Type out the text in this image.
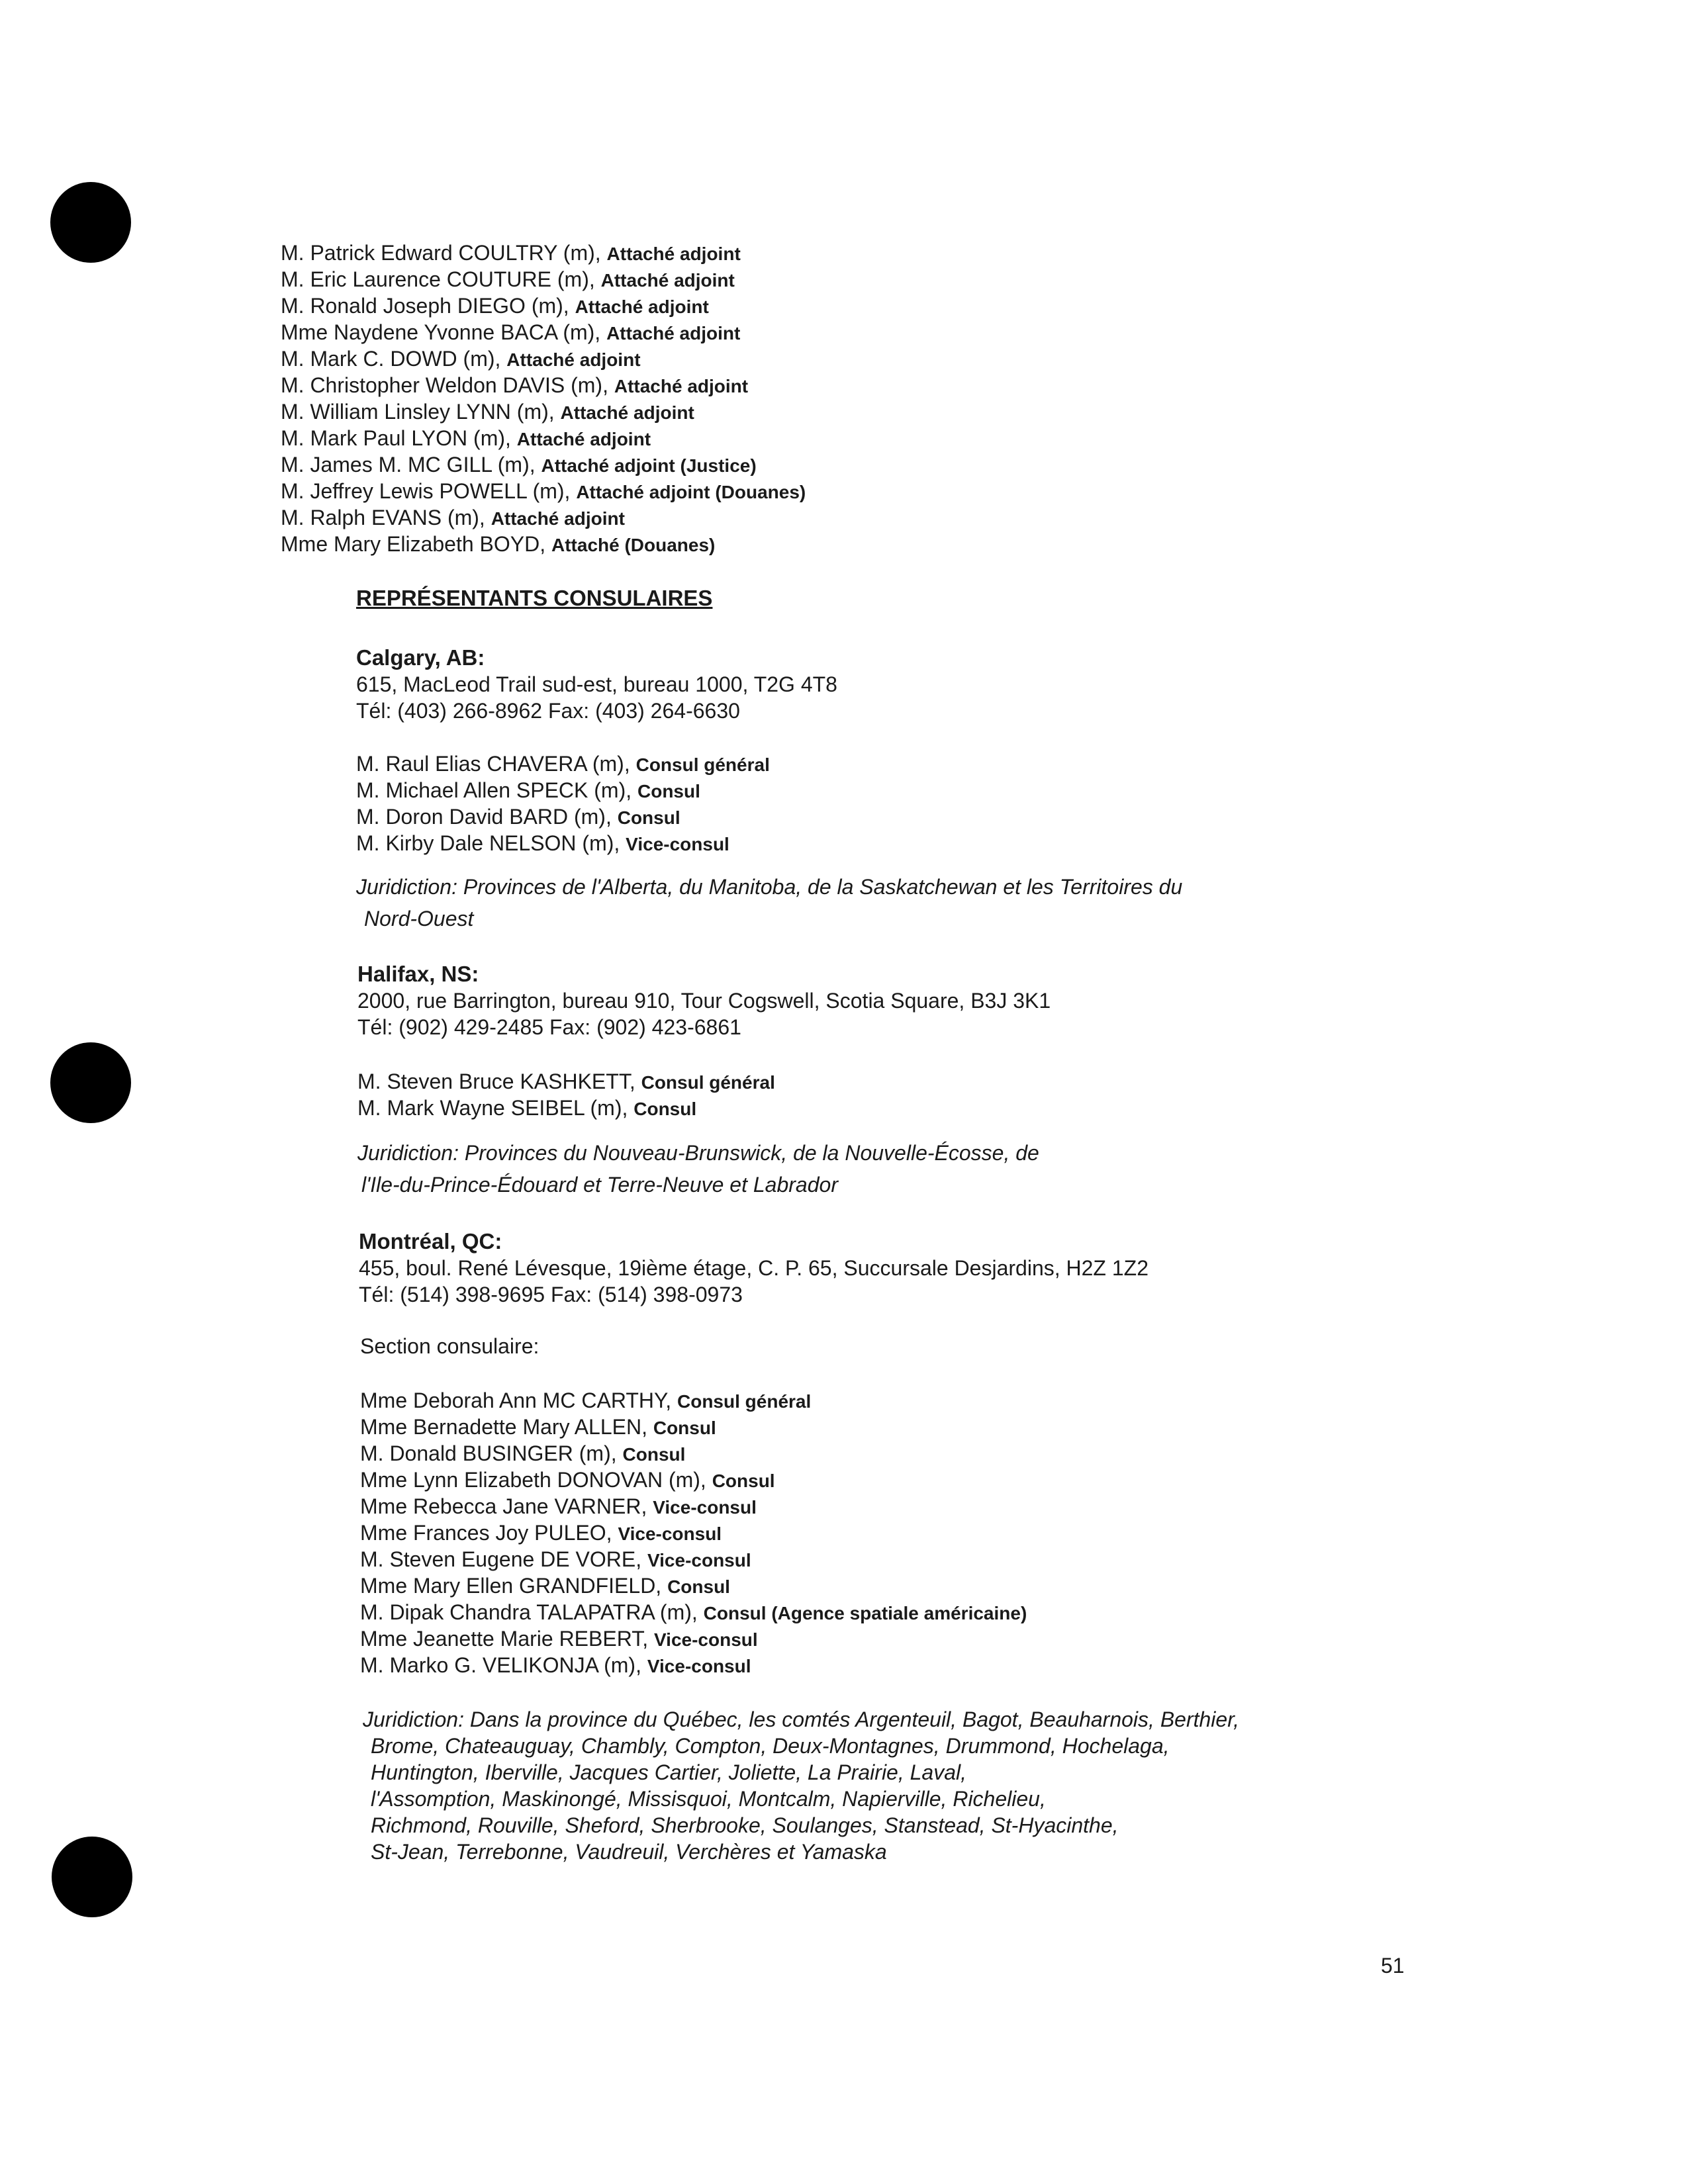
M. Patrick Edward COULTRY (m), Attaché adjoint
M. Eric Laurence COUTURE (m), Attaché adjoint
M. Ronald Joseph DIEGO (m), Attaché adjoint
Mme Naydene Yvonne BACA (m), Attaché adjoint
M. Mark C. DOWD (m), Attaché adjoint
M. Christopher Weldon DAVIS (m), Attaché adjoint
M. William Linsley LYNN (m), Attaché adjoint
M. Mark Paul LYON (m), Attaché adjoint
M. James M. MC GILL (m), Attaché adjoint (Justice)
M. Jeffrey Lewis POWELL (m), Attaché adjoint (Douanes)
M. Ralph EVANS (m), Attaché adjoint
Mme Mary Elizabeth BOYD, Attaché (Douanes)
REPRÉSENTANTS CONSULAIRES
Calgary, AB:
615, MacLeod Trail sud-est, bureau 1000, T2G 4T8
Tél: (403) 266-8962 Fax: (403) 264-6630
M. Raul Elias CHAVERA (m), Consul général
M. Michael Allen SPECK (m), Consul
M. Doron David BARD (m), Consul
M. Kirby Dale NELSON (m), Vice-consul
Juridiction: Provinces de l'Alberta, du Manitoba, de la Saskatchewan et les Territoires du
Nord-Ouest
Halifax, NS:
2000, rue Barrington, bureau 910, Tour Cogswell, Scotia Square, B3J 3K1
Tél: (902) 429-2485 Fax: (902) 423-6861
M. Steven Bruce KASHKETT, Consul général
M. Mark Wayne SEIBEL (m), Consul
Juridiction: Provinces du Nouveau-Brunswick, de la Nouvelle-Écosse, de
l'Ile-du-Prince-Édouard et Terre-Neuve et Labrador
Montréal, QC:
455, boul. René Lévesque, 19ième étage, C. P. 65, Succursale Desjardins, H2Z 1Z2
Tél: (514) 398-9695 Fax: (514) 398-0973
Section consulaire:
Mme Deborah Ann MC CARTHY, Consul général
Mme Bernadette Mary ALLEN, Consul
M. Donald BUSINGER (m), Consul
Mme Lynn Elizabeth DONOVAN (m), Consul
Mme Rebecca Jane VARNER, Vice-consul
Mme Frances Joy PULEO, Vice-consul
M. Steven Eugene DE VORE, Vice-consul
Mme Mary Ellen GRANDFIELD, Consul
M. Dipak Chandra TALAPATRA (m), Consul (Agence spatiale américaine)
Mme Jeanette Marie REBERT, Vice-consul
M. Marko G. VELIKONJA (m), Vice-consul
Juridiction: Dans la province du Québec, les comtés Argenteuil, Bagot, Beauharnois, Berthier,
Brome, Chateauguay, Chambly, Compton, Deux-Montagnes, Drummond, Hochelaga,
Huntington, Iberville, Jacques Cartier, Joliette, La Prairie, Laval,
l'Assomption, Maskinongé, Missisquoi, Montcalm, Napierville, Richelieu,
Richmond, Rouville, Sheford, Sherbrooke, Soulanges, Stanstead, St-Hyacinthe,
St-Jean, Terrebonne, Vaudreuil, Verchères et Yamaska
51
